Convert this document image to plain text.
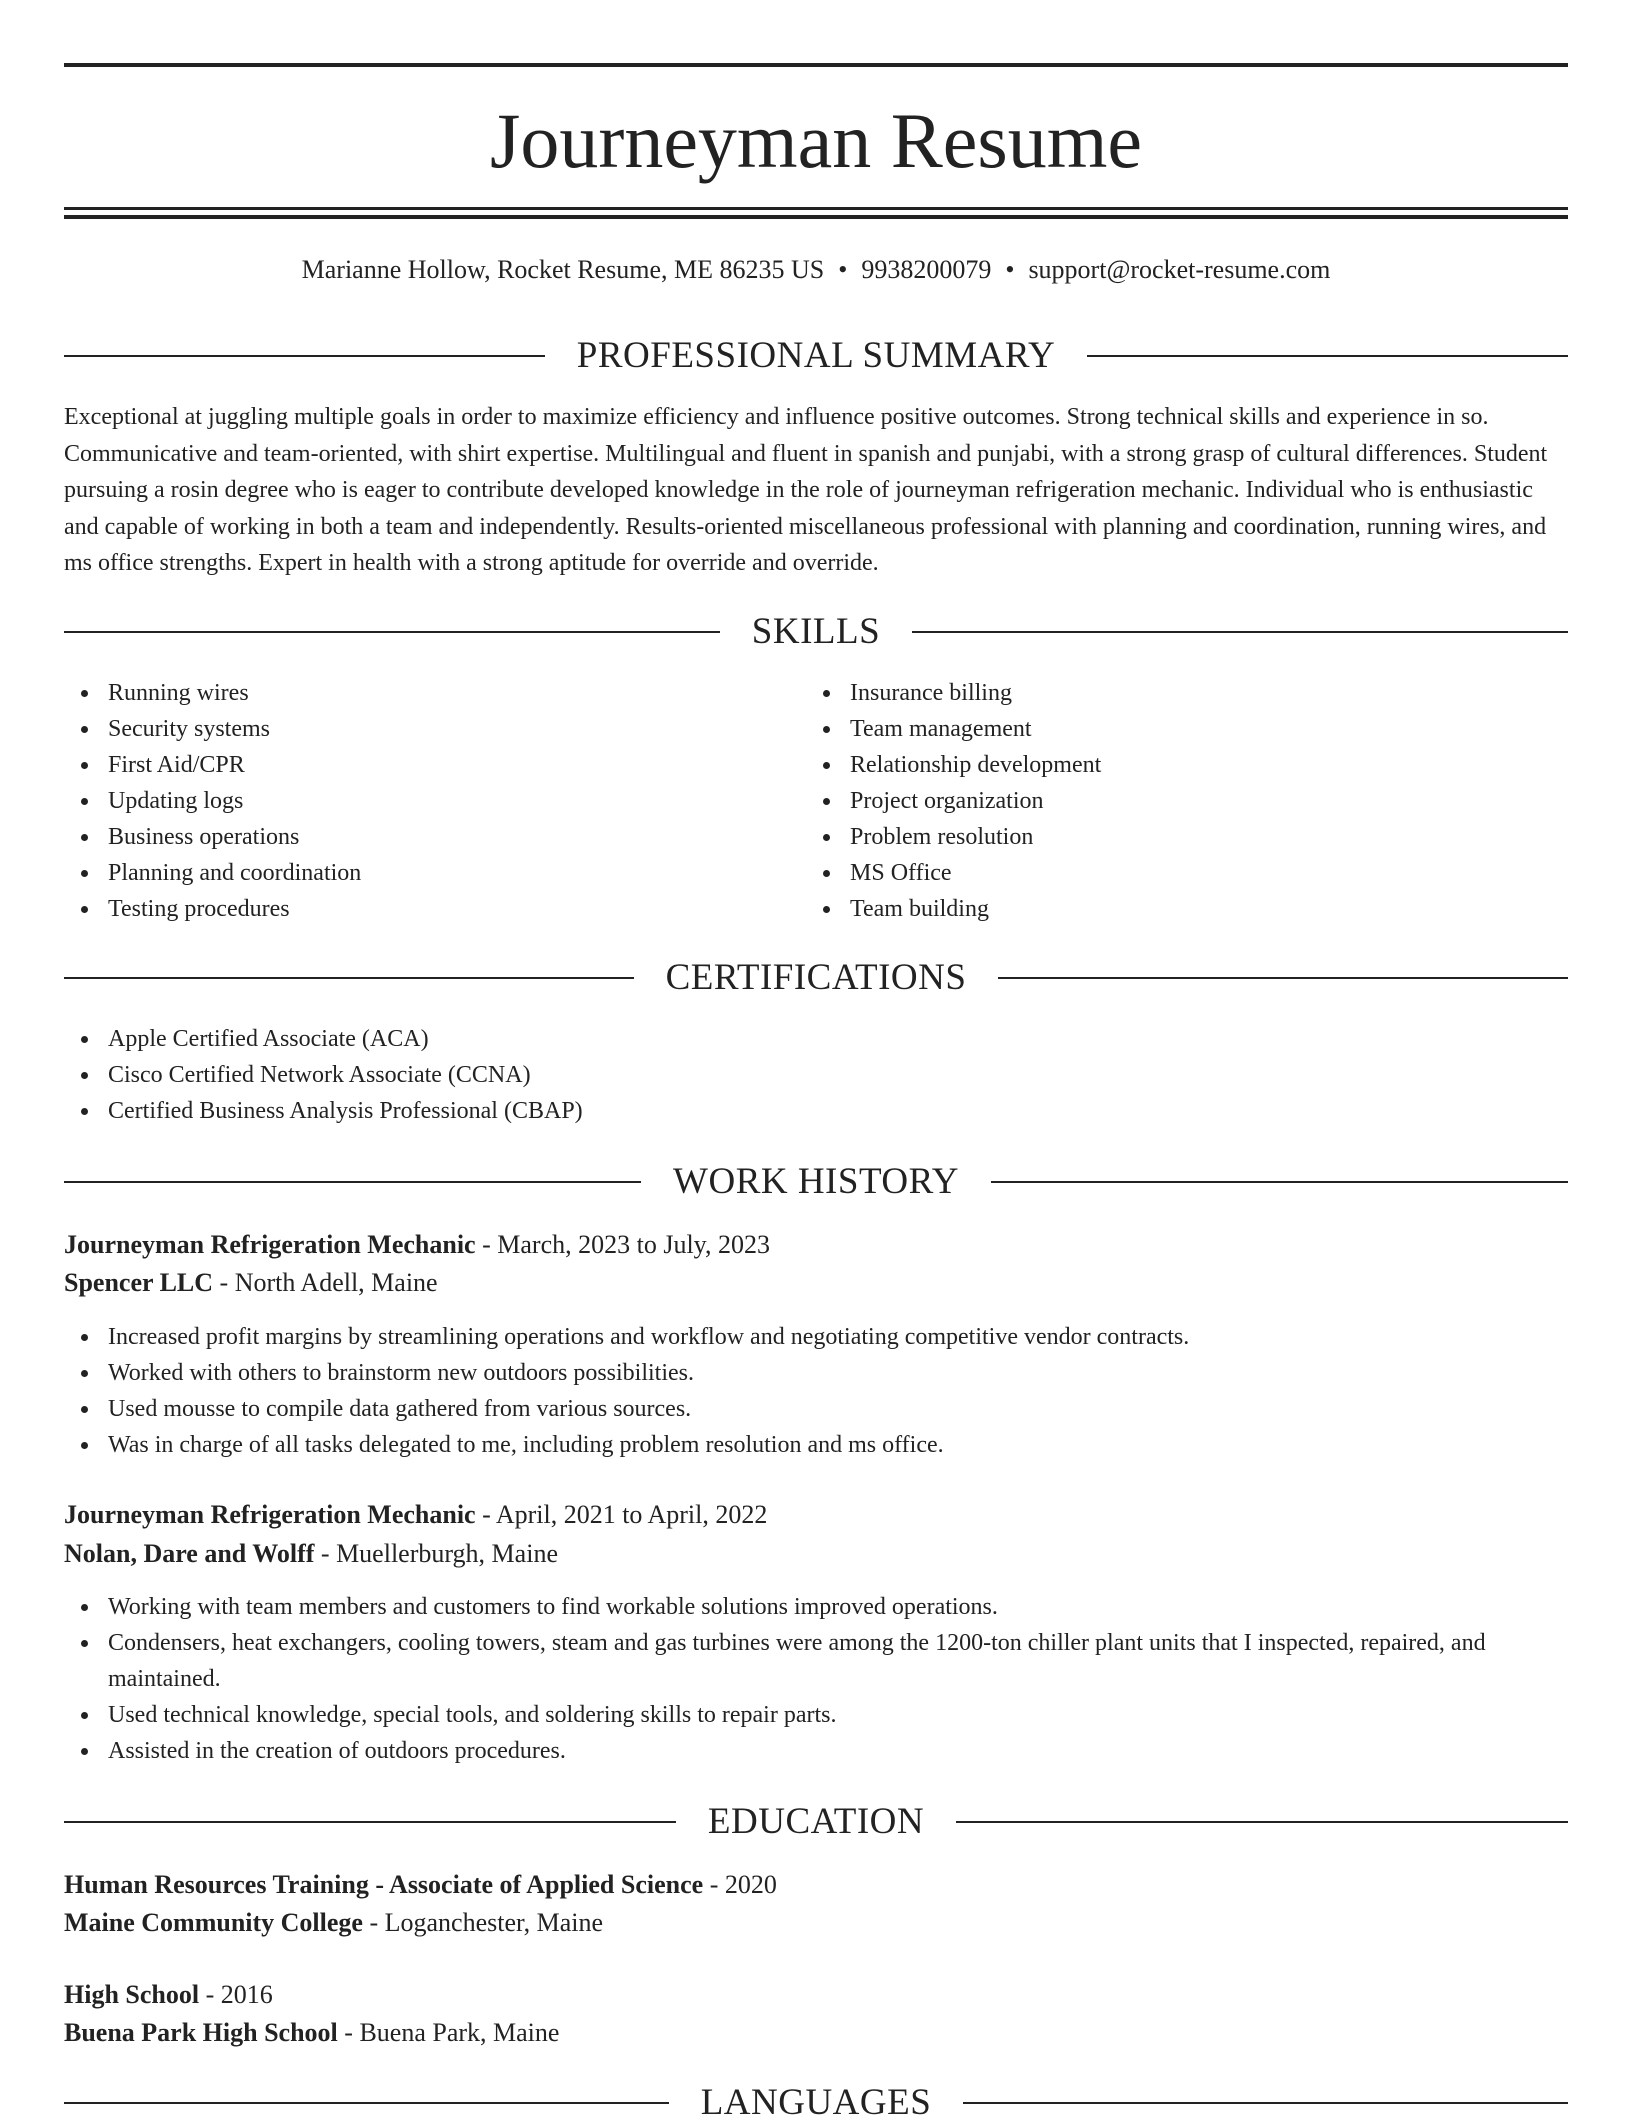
Journeyman Resume
Marianne Hollow, Rocket Resume, ME 86235 US • 9938200079 • support@rocket-resume.com
PROFESSIONAL SUMMARY

Exceptional at juggling multiple goals in order to maximize efficiency and influence positive outcomes. Strong technical skills and experience in so. Communicative and team-oriented, with shirt expertise. Multilingual and fluent in spanish and punjabi, with a strong grasp of cultural differences. Student pursuing a rosin degree who is eager to contribute developed knowledge in the role of journeyman refrigeration mechanic. Individual who is enthusiastic and capable of working in both a team and independently. Results-oriented miscellaneous professional with planning and coordination, running wires, and ms office strengths. Expert in health with a strong aptitude for override and override.

SKILLS
Running wires
Security systems
First Aid/CPR
Updating logs
Business operations
Planning and coordination
Testing procedures
Insurance billing
Team management
Relationship development
Project organization
Problem resolution
MS Office
Team building
CERTIFICATIONS
Apple Certified Associate (ACA)
Cisco Certified Network Associate (CCNA)
Certified Business Analysis Professional (CBAP)
WORK HISTORY
Journeyman Refrigeration Mechanic - March, 2023 to July, 2023
Spencer LLC - North Adell, Maine
Increased profit margins by streamlining operations and workflow and negotiating competitive vendor contracts.
Worked with others to brainstorm new outdoors possibilities.
Used mousse to compile data gathered from various sources.
Was in charge of all tasks delegated to me, including problem resolution and ms office.
Journeyman Refrigeration Mechanic - April, 2021 to April, 2022
Nolan, Dare and Wolff - Muellerburgh, Maine
Working with team members and customers to find workable solutions improved operations.
Condensers, heat exchangers, cooling towers, steam and gas turbines were among the 1200-ton chiller plant units that I inspected, repaired, and maintained.
Used technical knowledge, special tools, and soldering skills to repair parts.
Assisted in the creation of outdoors procedures.
EDUCATION
Human Resources Training - Associate of Applied Science - 2020
Maine Community College - Loganchester, Maine
High School - 2016
Buena Park High School - Buena Park, Maine
LANGUAGES
